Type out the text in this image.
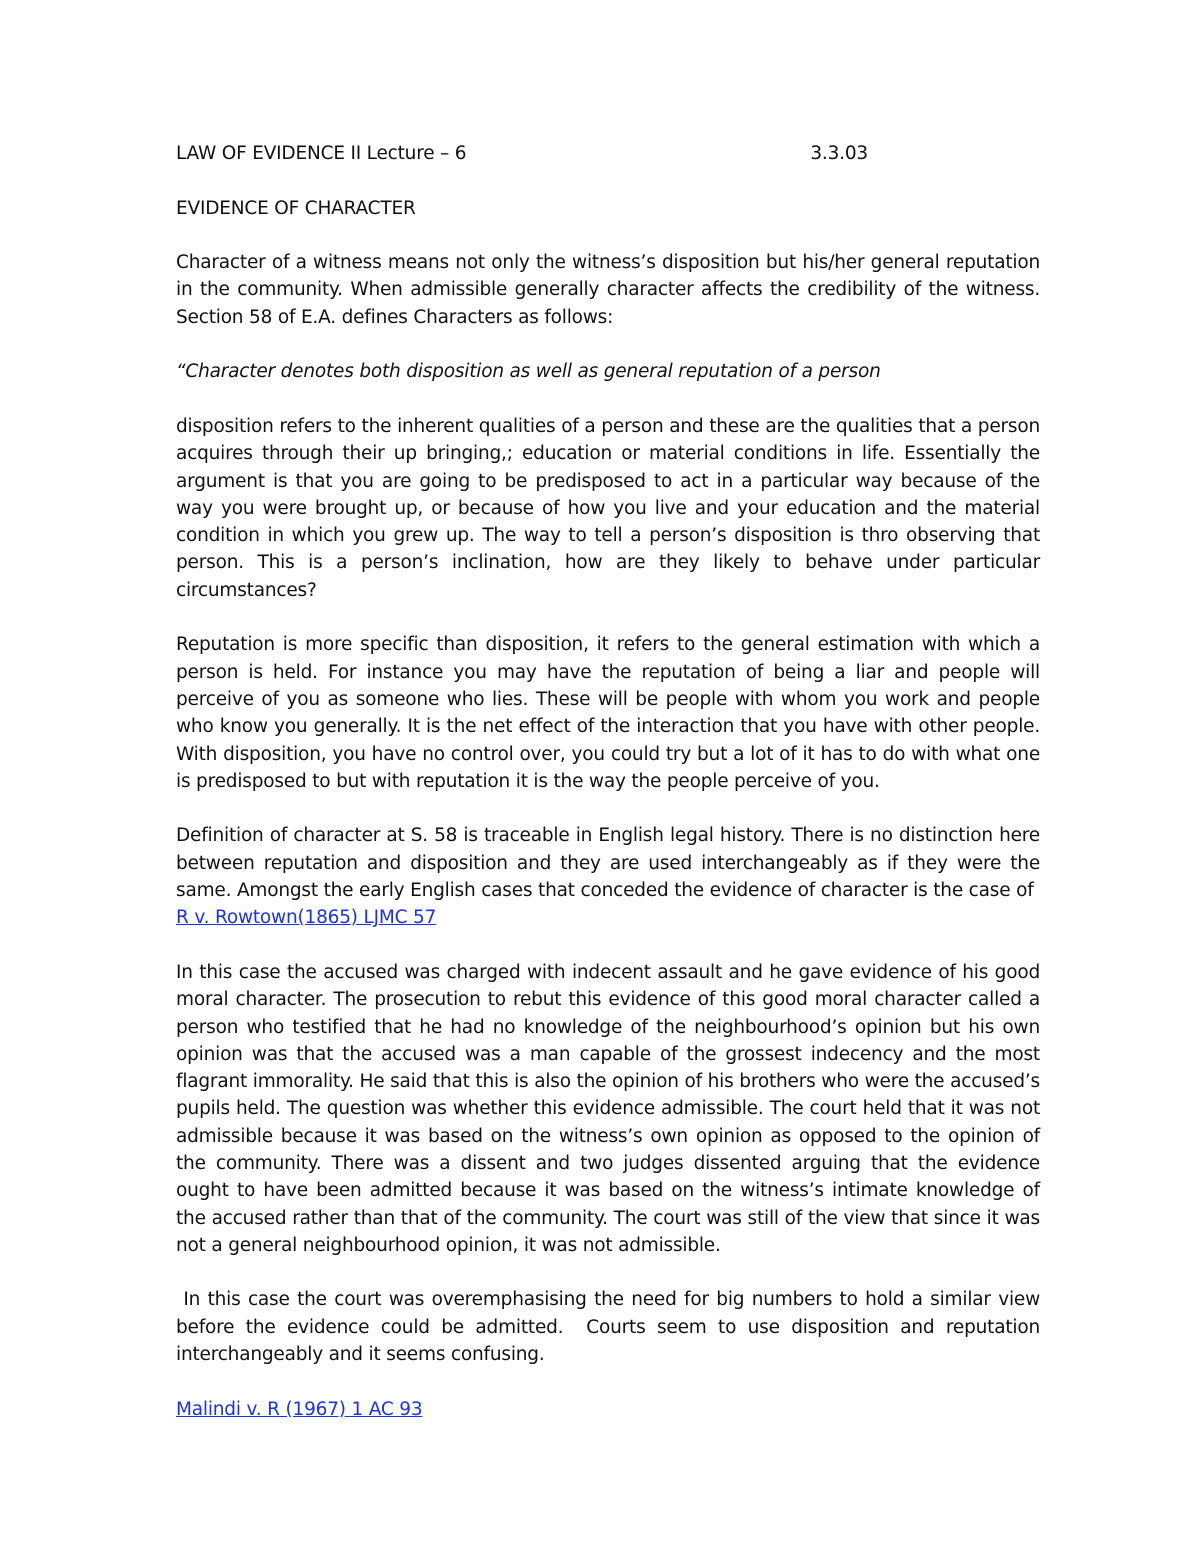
LAW OF EVIDENCE II Lecture – 6	3.3.03
EVIDENCE OF CHARACTER

Character of a witness means not only the witness’s disposition but his/her general reputation in the community. When admissible generally character affects the credibility of the witness. Section 58 of E.A. defines Characters as follows:

“Character denotes both disposition as well as general reputation of a person

disposition refers to the inherent qualities of a person and these are the qualities that a person acquires through their up bringing,; education or material conditions in life. Essentially the argument is that you are going to be predisposed to act in a particular way because of the way you were brought up, or because of how you live and your education and the material condition in which you grew up. The way to tell a person’s disposition is thro observing that person. This is a person’s inclination, how are they likely to behave under particular circumstances?

Reputation is more specific than disposition, it refers to the general estimation with which a person is held. For instance you may have the reputation of being a liar and people will perceive of you as someone who lies. These will be people with whom you work and people who know you generally. It is the net effect of the interaction that you have with other people. With disposition, you have no control over, you could try but a lot of it has to do with what one is predisposed to but with reputation it is the way the people perceive of you.

Definition of character at S. 58 is traceable in English legal history. There is no distinction here between reputation and disposition and they are used interchangeably as if they were the same. Amongst the early English cases that conceded the evidence of character is the case of

R v. Rowtown(1865) LJMC 57

In this case the accused was charged with indecent assault and he gave evidence of his good moral character. The prosecution to rebut this evidence of this good moral character called a person who testified that he had no knowledge of the neighbourhood’s opinion but his own opinion was that the accused was a man capable of the grossest indecency and the most flagrant immorality. He said that this is also the opinion of his brothers who were the accused’s pupils held. The question was whether this evidence admissible. The court held that it was not admissible because it was based on the witness’s own opinion as opposed to the opinion of the community. There was a dissent and two judges dissented arguing that the evidence ought to have been admitted because it was based on the witness’s intimate knowledge of the accused rather than that of the community. The court was still of the view that since it was not a general neighbourhood opinion, it was not admissible.

In this case the court was overemphasising the need for big numbers to hold a similar view before the evidence could be admitted.  Courts seem to use disposition and reputation interchangeably and it seems confusing.

Malindi v. R (1967) 1 AC 93
